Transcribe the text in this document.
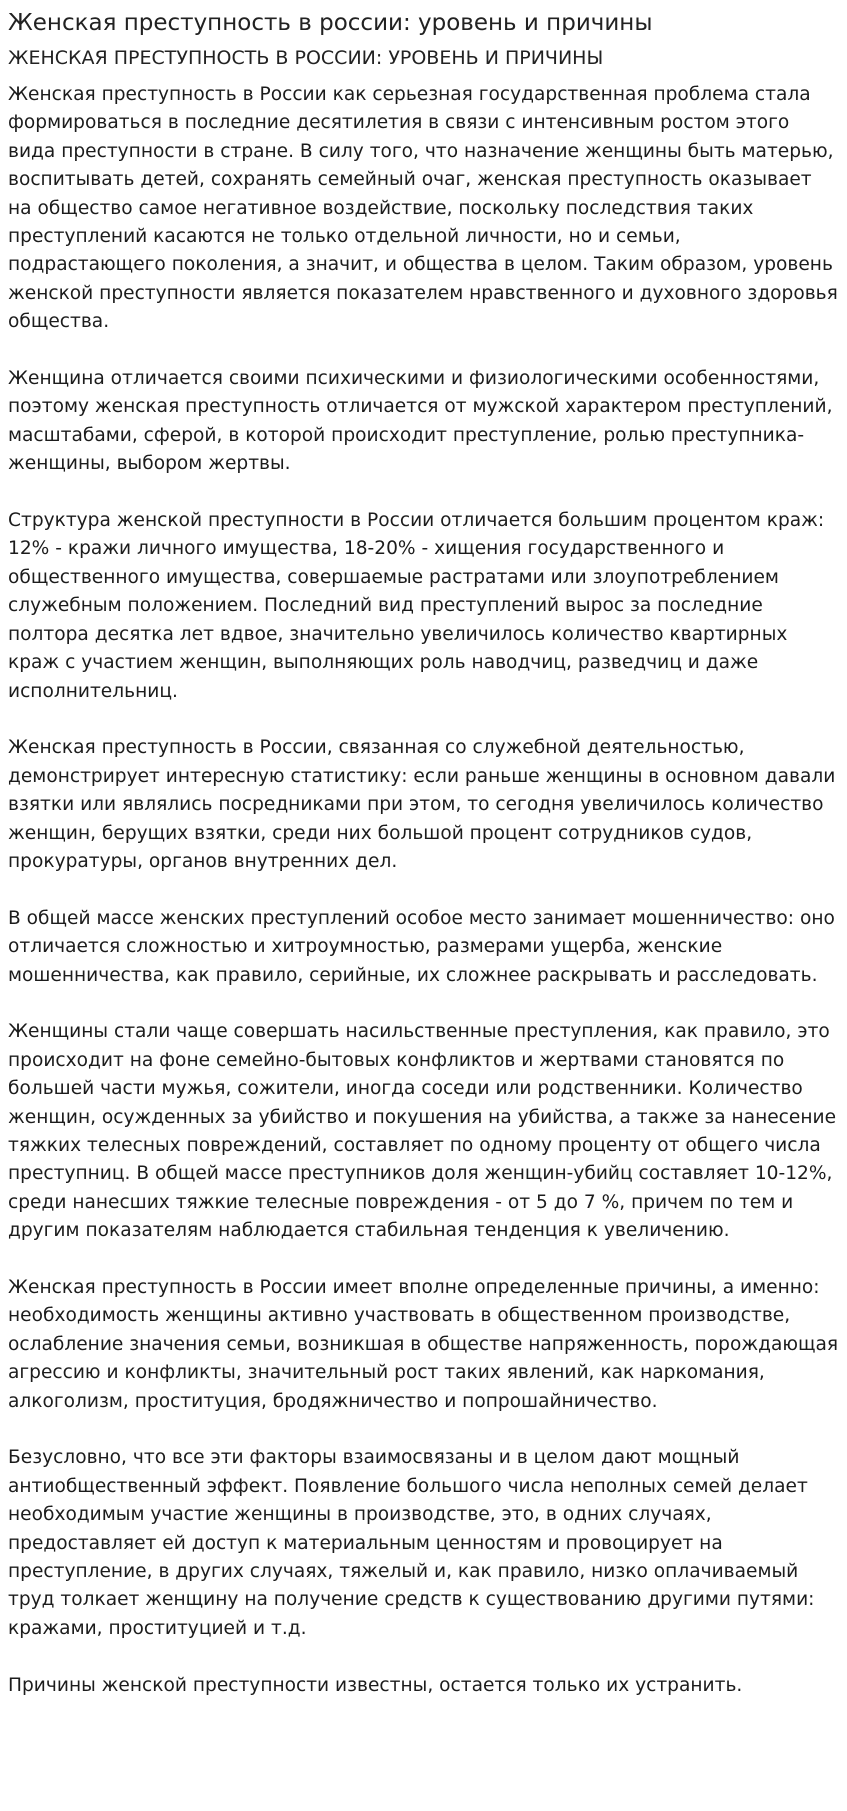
Женская преступность в россии: уровень и причины
ЖЕНСКАЯ ПРЕСТУПНОСТЬ В РОССИИ: УРОВЕНЬ И ПРИЧИНЫ

Женская преступность в России как серьезная государственная проблема стала формироваться в последние десятилетия в связи с интенсивным ростом этого вида преступности в стране. В силу того, что назначение женщины быть матерью, воспитывать детей, сохранять семейный очаг, женская преступность оказывает на общество самое негативное воздействие, поскольку последствия таких преступлений касаются не только отдельной личности, но и семьи, подрастающего поколения, а значит, и общества в целом. Таким образом, уровень женской преступности является показателем нравственного и духовного здоровья общества.

Женщина отличается своими психическими и физиологическими особенностями, поэтому женская преступность отличается от мужской характером преступлений, масштабами, сферой, в которой происходит преступление, ролью преступника-женщины, выбором жертвы.

Структура женской преступности в России отличается большим процентом краж: 12% - кражи личного имущества, 18-20% - хищения государственного и общественного имущества, совершаемые растратами или злоупотреблением служебным положением. Последний вид преступлений вырос за последние полтора десятка лет вдвое, значительно увеличилось количество квартирных краж с участием женщин, выполняющих роль наводчиц, разведчиц и даже исполнительниц.

Женская преступность в России, связанная со служебной деятельностью, демонстрирует интересную статистику: если раньше женщины в основном давали взятки или являлись посредниками при этом, то сегодня увеличилось количество женщин, берущих взятки, среди них большой процент сотрудников судов, прокуратуры, органов внутренних дел.

В общей массе женских преступлений особое место занимает мошенничество: оно отличается сложностью и хитроумностью, размерами ущерба, женские мошенничества, как правило, серийные, их сложнее раскрывать и расследовать.

Женщины стали чаще совершать насильственные преступления, как правило, это происходит на фоне семейно-бытовых конфликтов и жертвами становятся по большей части мужья, сожители, иногда соседи или родственники. Количество женщин, осужденных за убийство и покушения на убийства, а также за нанесение тяжких телесных повреждений, составляет по одному проценту от общего числа преступниц. В общей массе преступников доля женщин-убийц составляет 10-12%, среди нанесших тяжкие телесные повреждения - от 5 до 7 %, причем по тем и другим показателям наблюдается стабильная тенденция к увеличению.

Женская преступность в России имеет вполне определенные причины, а именно: необходимость женщины активно участвовать в общественном производстве, ослабление значения семьи, возникшая в обществе напряженность, порождающая агрессию и конфликты, значительный рост таких явлений, как наркомания, алкоголизм, проституция, бродяжничество и попрошайничество.

Безусловно, что все эти факторы взаимосвязаны и в целом дают мощный антиобщественный эффект. Появление большого числа неполных семей делает необходимым участие женщины в производстве, это, в одних случаях, предоставляет ей доступ к материальным ценностям и провоцирует на преступление, в других случаях, тяжелый и, как правило, низко оплачиваемый труд толкает женщину на получение средств к существованию другими путями: кражами, проституцией и т.д.

Причины женской преступности известны, остается только их устранить.
